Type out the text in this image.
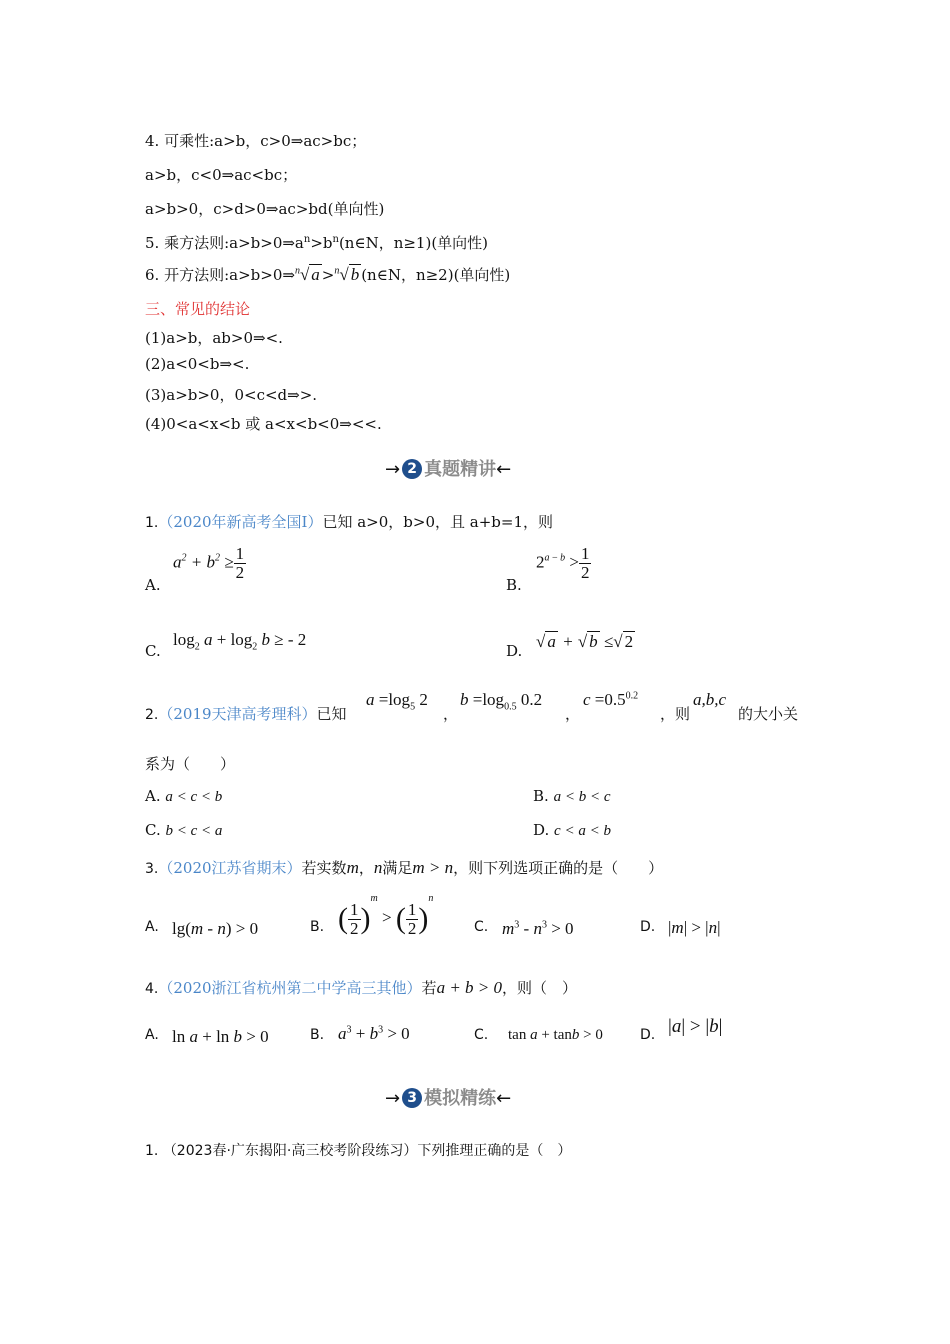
4. 可乘性:a>b，c>0⇒ac>bc；
a>b，c<0⇒ac<bc；
a>b>0，c>d>0⇒ac>bd(单向性)
5. 乘方法则$:a>b>0\Rightarrow a^n>b^n(n\in N$，n≥1)(单向性)
6. 开方法则:a>b>0⇒$^n$√ a >$^n$√ b (n∈N，n≥2)(单向性)
三、常见的结论
(1)a>b，ab>0⇒<.
(2)a<0<b⇒<.
(3)a>b>0，0<c<d⇒>.
(4)0<a<x<b 或 a<x<b<0⇒<<.
→ 2 真题精讲←
1.（2020年新高考全国Ⅰ）已知 a>0，b>0，且 a+b=1，则
A.
$a^2 + b^2 \ge \frac{1}{2}$
B.
$2^{a - b} > \frac{1}{2}$
C.
$\log_2 a + \log_2 b$ ≥ - 2
D. √ a + √ b ≤√ 2
2.（2019天津高考理科）已知
$a =\log_5$ 2
，
$b =\log_{0.5}$ 0.2
，
$c =0.5^{0.2}$
，则
a,b,c
的大小关
系为（　　）
A. a < c < b	B. a < b < c
C. b < c < a	D. c < a < b
3.（2020江苏省期末）若实数m，n满足m > n，则下列选项正确的是（　　）
A. lg(m - n) > 0	B. ( $\frac{1}{2} )^m$ > ( $\frac{1}{2} )^n$
C. $m^3 - n^3 > 0$	D. |m| > |n|
4.（2020浙江省杭州第二中学高三其他）若a + b > 0，则（　）
A. ln a + ln b > 0	B. $a^3 + b^3 > 0$	C. tan a + tanb > 0	D. |a| > |b|
→ 3 模拟精练←
1. （2023春·广东揭阳·高三校考阶段练习）下列推理正确的是（　）
